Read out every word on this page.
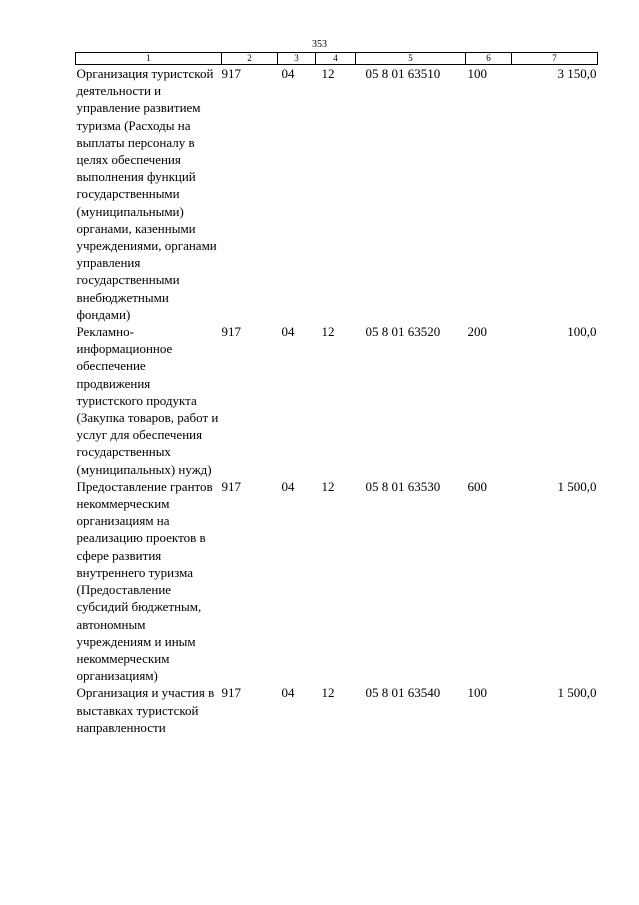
353
1	2	3	4	5	6	7
Организация туристской деятельности и управление развитием туризма (Расходы на выплаты персоналу в целях обеспечения выполнения функций государственными (муниципальными) органами, казенными учреждениями, органами управления государственными внебюджетными фондами)	917	04	12	05 8 01 63510	100	3 150,0
Рекламно-информационное обеспечение продвижения туристского продукта (Закупка товаров, работ и услуг для обеспечения государственных (муниципальных) нужд)	917	04	12	05 8 01 63520	200	100,0
Предоставление грантов некоммерческим организациям на реализацию проектов в сфере развития внутреннего туризма (Предоставление субсидий бюджетным, автономным учреждениям и иным некоммерческим организациям)	917	04	12	05 8 01 63530	600	1 500,0
Организация и участия в выставках туристской направленности	917	04	12	05 8 01 63540	100	1 500,0
